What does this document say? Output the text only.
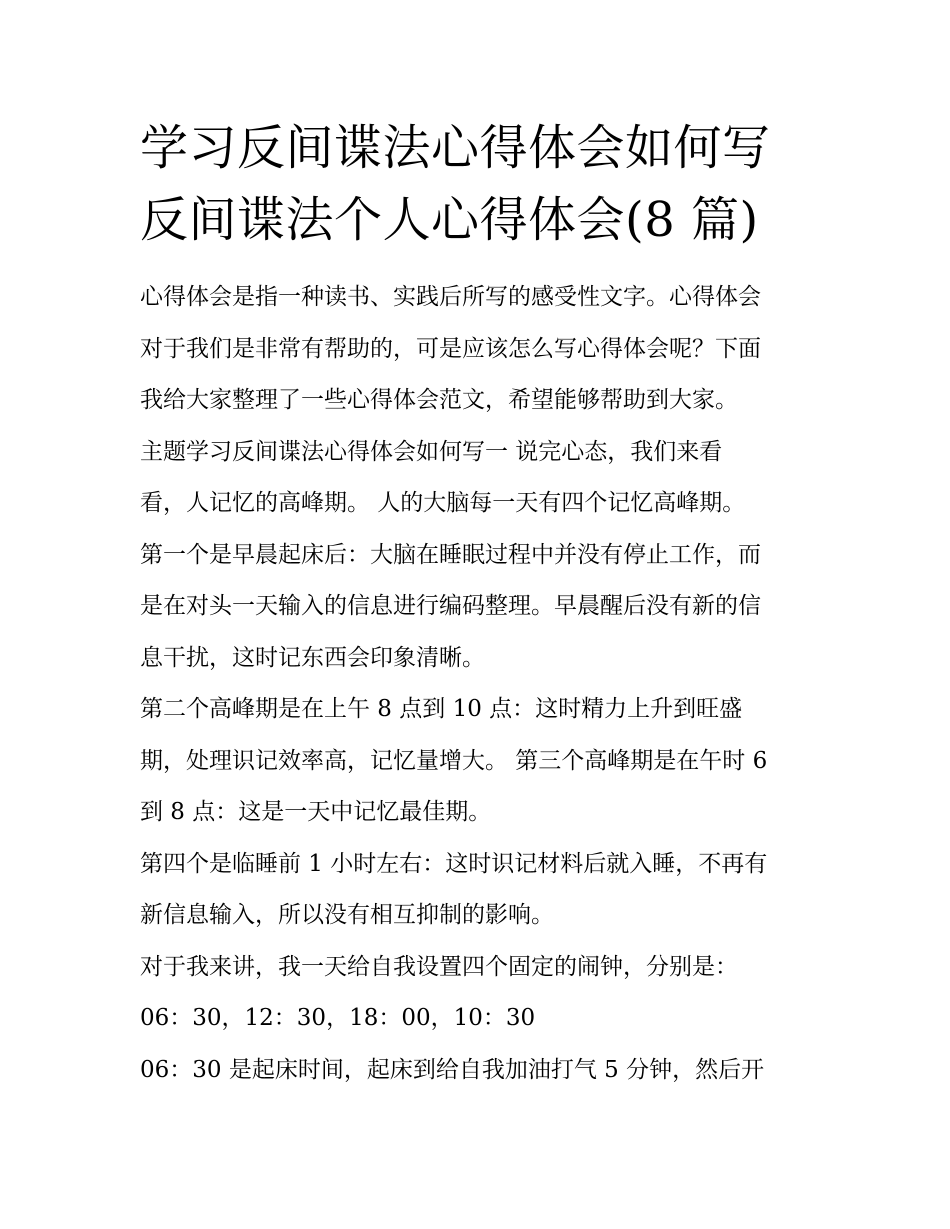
学习反间谍法心得体会如何写
反间谍法个人心得体会(8 篇)

心得体会是指一种读书、实践后所写的感受性文字。心得体会
对于我们是非常有帮助的，可是应该怎么写心得体会呢？下面
我给大家整理了一些心得体会范文，希望能够帮助到大家。

主题学习反间谍法心得体会如何写一 说完心态，我们来看
看，人记忆的高峰期。 人的大脑每一天有四个记忆高峰期。

第一个是早晨起床后：大脑在睡眠过程中并没有停止工作，而
是在对头一天输入的信息进行编码整理。早晨醒后没有新的信
息干扰，这时记东西会印象清晰。

第二个高峰期是在上午 8 点到 10 点：这时精力上升到旺盛
期，处理识记效率高，记忆量增大。 第三个高峰期是在午时 6
到 8 点：这是一天中记忆最佳期。

第四个是临睡前 1 小时左右：这时识记材料后就入睡，不再有
新信息输入，所以没有相互抑制的影响。

对于我来讲，我一天给自我设置四个固定的闹钟，分别是：

06：30，12：30，18：00，10：30

06：30 是起床时间，起床到给自我加油打气 5 分钟，然后开
